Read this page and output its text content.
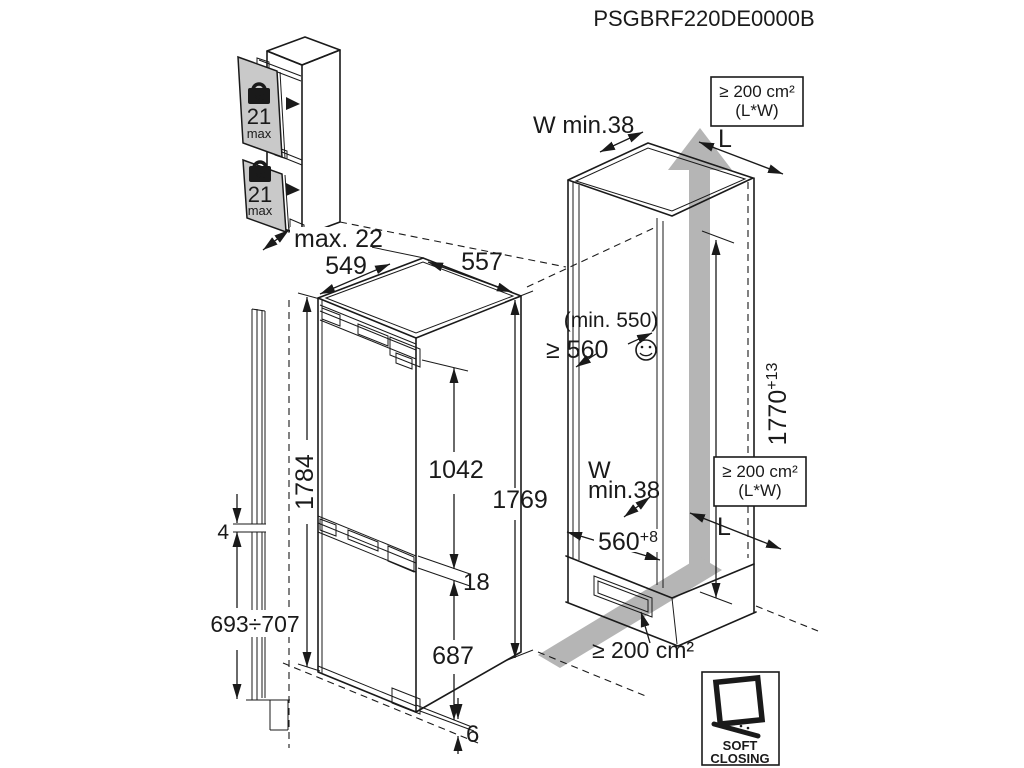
PSGBRF220DE0000B
KG
21
max
KG
21
max
max. 22
549	557
1784	1042
18
687
6
1769
4
693÷707
W min.38
≥ 200 cm²
(L*W)
L
(min. 550)
≥ 560
$1770^{+13}$
≥ 200 cm²
(L*W)
W
min.38
$560^{+8}$ L
≥ 200 cm²
SOFT
CLOSING
